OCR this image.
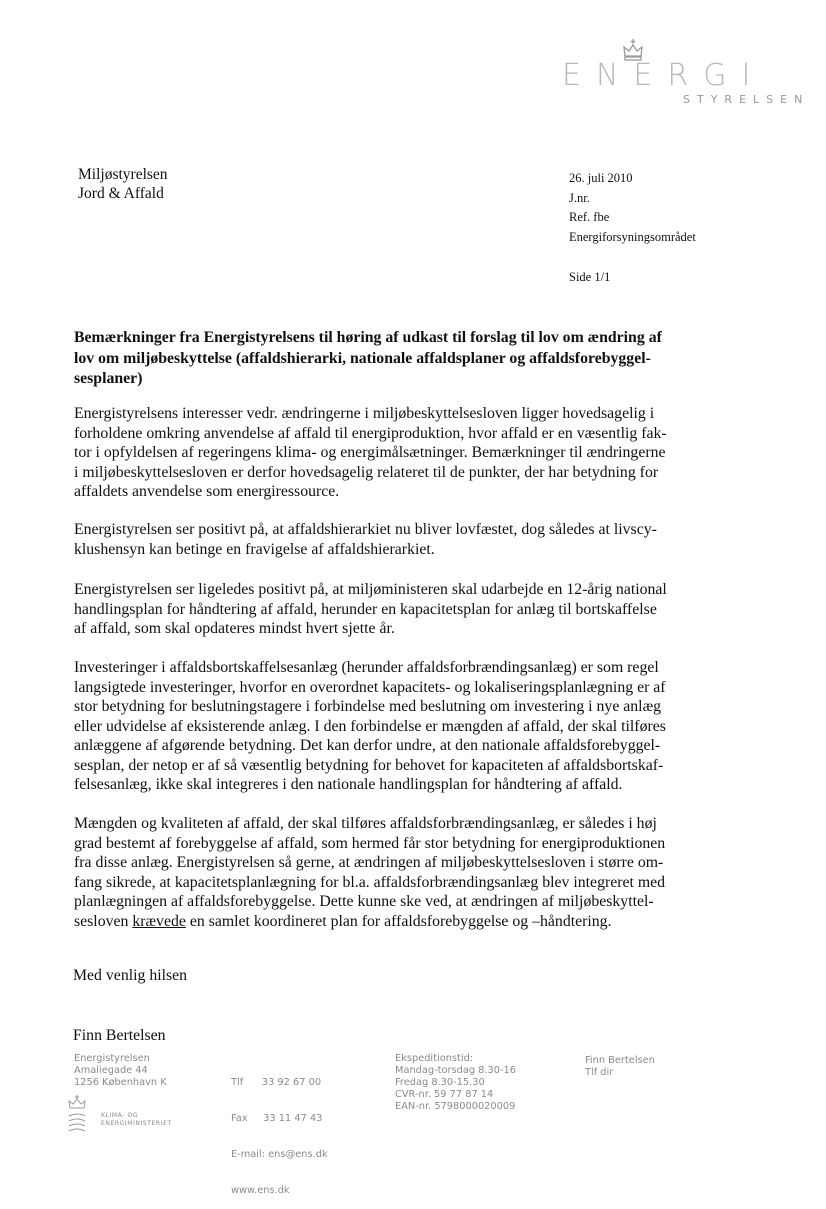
ENERGI
STYRELSEN
Miljøstyrelsen
Jord & Affald
26. juli 2010
J.nr.
Ref. fbe
Energiforsyningsområdet
Side 1/1
Bemærkninger fra Energistyrelsens til høring af udkast til forslag til lov om ændring af
lov om miljøbeskyttelse (affaldshierarki, nationale affaldsplaner og affaldsforebyggel-
sesplaner)
Energistyrelsens interesser vedr. ændringerne i miljøbeskyttelsesloven ligger hovedsagelig i
forholdene omkring anvendelse af affald til energiproduktion, hvor affald er en væsentlig fak-
tor i opfyldelsen af regeringens klima- og energimålsætninger. Bemærkninger til ændringerne
i miljøbeskyttelsesloven er derfor hovedsagelig relateret til de punkter, der har betydning for
affaldets anvendelse som energiressource.
Energistyrelsen ser positivt på, at affaldshierarkiet nu bliver lovfæstet, dog således at livscy-
klushensyn kan betinge en fravigelse af affaldshierarkiet.
Energistyrelsen ser ligeledes positivt på, at miljøministeren skal udarbejde en 12-årig national
handlingsplan for håndtering af affald, herunder en kapacitetsplan for anlæg til bortskaffelse
af affald, som skal opdateres mindst hvert sjette år.
Investeringer i affaldsbortskaffelsesanlæg (herunder affaldsforbrændingsanlæg) er som regel
langsigtede investeringer, hvorfor en overordnet kapacitets- og lokaliseringsplanlægning er af
stor betydning for beslutningstagere i forbindelse med beslutning om investering i nye anlæg
eller udvidelse af eksisterende anlæg. I den forbindelse er mængden af affald, der skal tilføres
anlæggene af afgørende betydning. Det kan derfor undre, at den nationale affaldsforebyggel-
sesplan, der netop er af så væsentlig betydning for behovet for kapaciteten af affaldsbortskaf-
felsesanlæg, ikke skal integreres i den nationale handlingsplan for håndtering af affald.
Mængden og kvaliteten af affald, der skal tilføres affaldsforbrændingsanlæg, er således i høj
grad bestemt af forebyggelse af affald, som hermed får stor betydning for energiproduktionen
fra disse anlæg. Energistyrelsen så gerne, at ændringen af miljøbeskyttelsesloven i større om-
fang sikrede, at kapacitetsplanlægning for bl.a. affaldsforbrændingsanlæg blev integreret med
planlægningen af affaldsforebyggelse. Dette kunne ske ved, at ændringen af miljøbeskyttel-
sesloven krævede en samlet koordineret plan for affaldsforebyggelse og –håndtering.
Med venlig hilsen
Finn Bertelsen
Energistyrelsen
Amaliegade 44
1256 København K

	Tlf      33 92 67 00

Fax     33 11 47 43

E-mail: ens@ens.dk

www.ens.dk

Ekspeditionstid:
Mandag-torsdag 8.30-16
Fredag 8.30-15.30
CVR-nr. 59 77 87 14
EAN-nr. 5798000020009
Finn Bertelsen
Tlf dir
KLIMA- OG
ENERGIMINISTERIET
